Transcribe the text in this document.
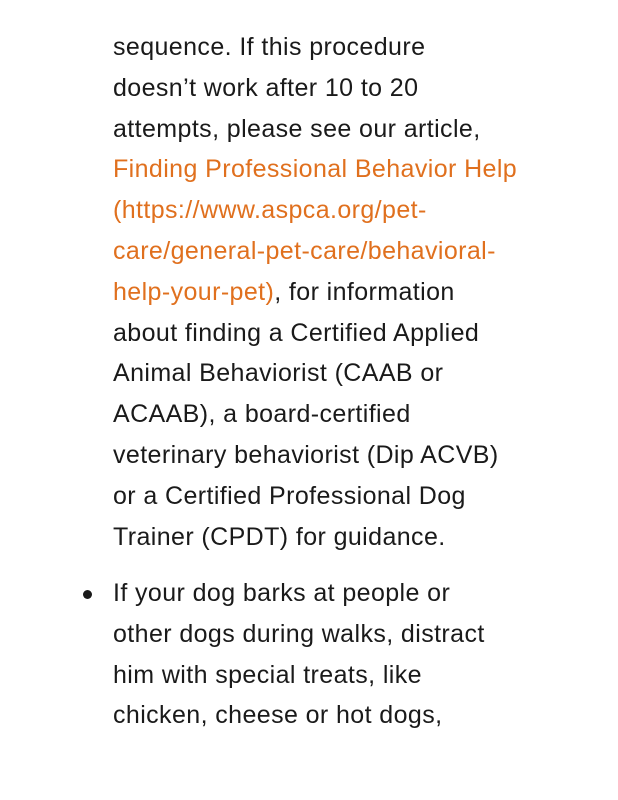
sequence. If this procedure
doesn’t work after 10 to 20
attempts, please see our article,
Finding Professional Behavior Help
(https://www.aspca.org/pet-
care/general-pet-care/behavioral-
help-your-pet), for information
about finding a Certified Applied
Animal Behaviorist (CAAB or
ACAAB), a board-certified
veterinary behaviorist (Dip ACVB)
or a Certified Professional Dog
Trainer (CPDT) for guidance.
If your dog barks at people or
other dogs during walks, distract
him with special treats, like
chicken, cheese or hot dogs,
